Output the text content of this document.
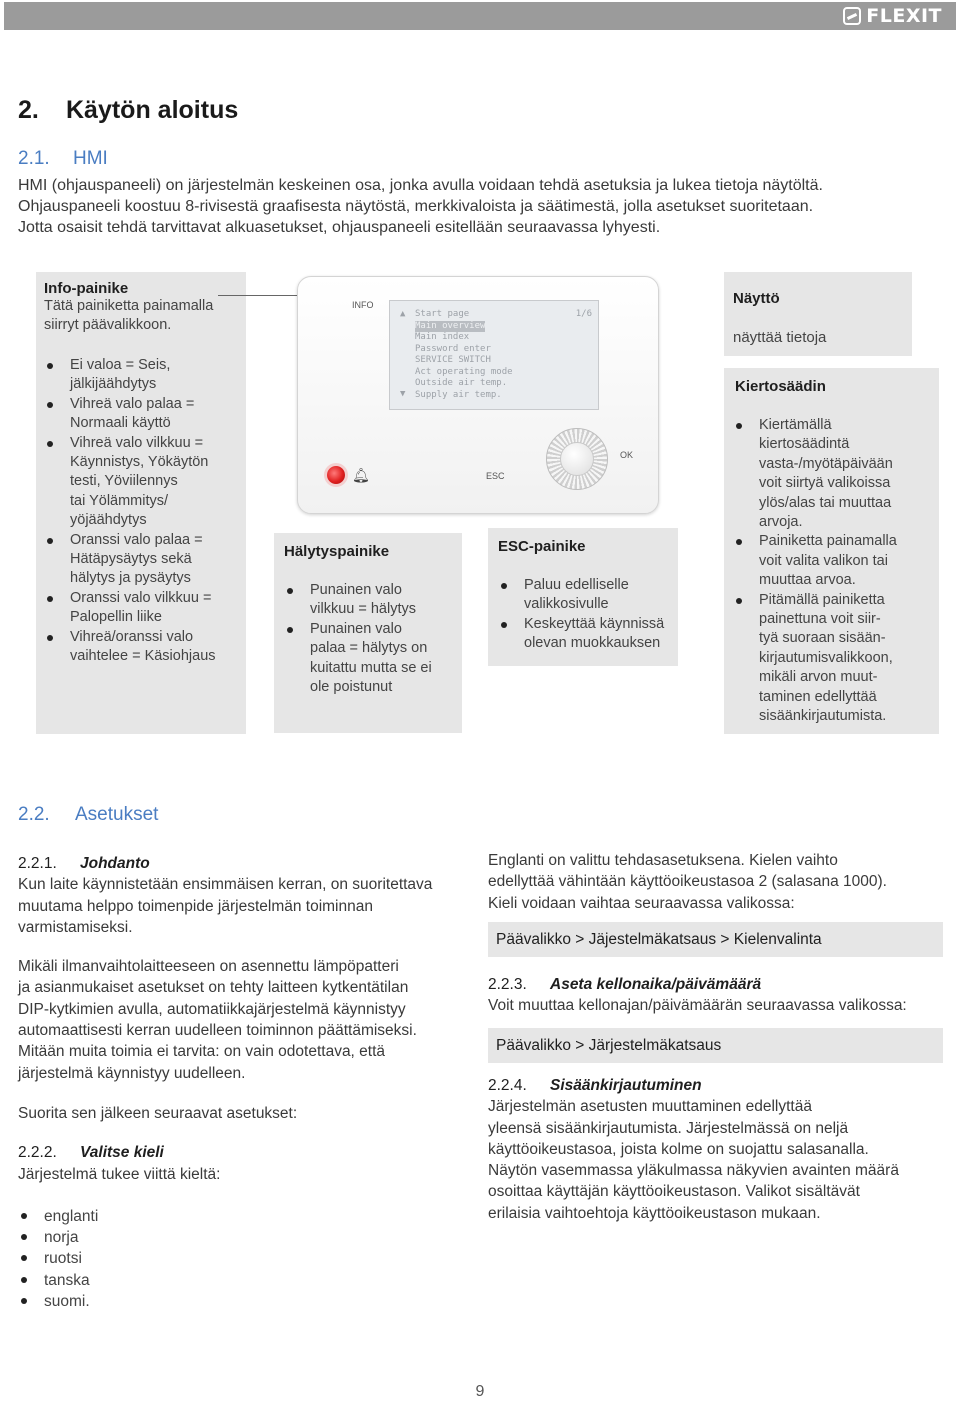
FLEXIT
2. Käytön aloitus
2.1. HMI

HMI (ohjauspaneeli) on järjestelmän keskeinen osa, jonka avulla voidaan tehdä asetuksia ja lukea tietoja näytöltä.

Ohjauspaneeli koostuu 8-rivisestä graafisesta näytöstä, merkkivaloista ja säätimestä, jolla asetukset suoritetaan.

Jotta osaisit tehdä tarvittavat alkuasetukset, ohjauspaneeli esitellään seuraavassa lyhyesti.

Info-painike
Tätä painiketta painamalla
siirryt päävalikkoon.
Ei valoa = Seis,
jälkijäähdytys
Vihreä valo palaa =
Normaali käyttö
Vihreä valo vilkkuu =
Käynnistys, Yökäytön
testi, Yöviilennys
tai Yölämmitys/
yöjäähdytys
Oranssi valo palaa =
Hätäpysäytys sekä
hälytys ja pysäytys
Oranssi valo vilkkuu =
Palopellin liike
Vihreä/oranssi valo
vaihtelee = Käsiohjaus
INFO
1/6
▲
▼
Start page
Main overview
Main index
Password enter
SERVICE SWITCH
Act operating mode
Outside air temp.
Supply air temp.
🔔︎	ESC
OK
Hälytyspainike
Punainen valo
vilkkuu = hälytys
Punainen valo
palaa = hälytys on
kuitattu mutta se ei
ole poistunut
ESC-painike
Paluu edelliselle
valikkosivulle
Keskeyttää käynnissä
olevan muokkauksen
Näyttö
näyttää tietoja
Kiertosäädin
Kiertämällä
kiertosäädintä
vasta-/myötäpäivään
voit siirtyä valikoissa
ylös/alas tai muuttaa
arvoja.
Painiketta painamalla
voit valita valikon tai
muuttaa arvoa.
Pitämällä painiketta
painettuna voit siir-
tyä suoraan sisään-
kirjautumisvalikkoon,
mikäli arvon muut-
taminen edellyttää
sisäänkirjautumista.
2.2. Asetukset

2.2.1. Johdanto

Kun laite käynnistetään ensimmäisen kerran, on suoritettava
muutama helppo toimenpide järjestelmän toiminnan
varmistamiseksi.

Mikäli ilmanvaihtolaitteeseen on asennettu lämpöpatteri
ja asianmukaiset asetukset on tehty laitteen kytkentätilan
DIP-kytkimien avulla, automatiikkajärjestelmä käynnistyy
automaattisesti kerran uudelleen toiminnon päättämiseksi.
Mitään muita toimia ei tarvita: on vain odotettava, että
järjestelmä käynnistyy uudelleen.

Suorita sen jälkeen seuraavat asetukset:

2.2.2. Valitse kieli

Järjestelmä tukee viittä kieltä:

englanti
norja
ruotsi
tanska
suomi.

Englanti on valittu tehdasasetuksena. Kielen vaihto
edellyttää vähintään käyttöoikeustasoa 2 (salasana 1000).
Kieli voidaan vaihtaa seuraavassa valikossa:

Päävalikko > Jäjestelmäkatsaus > Kielenvalinta

2.2.3. Aseta kellonaika/päivämäärä

Voit muuttaa kellonajan/päivämäärän seuraavassa valikossa:

Päävalikko > Järjestelmäkatsaus

2.2.4. Sisäänkirjautuminen

Järjestelmän asetusten muuttaminen edellyttää
yleensä sisäänkirjautumista. Järjestelmässä on neljä
käyttöoikeustasoa, joista kolme on suojattu salasanalla.
Näytön vasemmassa yläkulmassa näkyvien avainten määrä
osoittaa käyttäjän käyttöoikeustason. Valikot sisältävät
erilaisia vaihtoehtoja käyttöoikeustason mukaan.

9
